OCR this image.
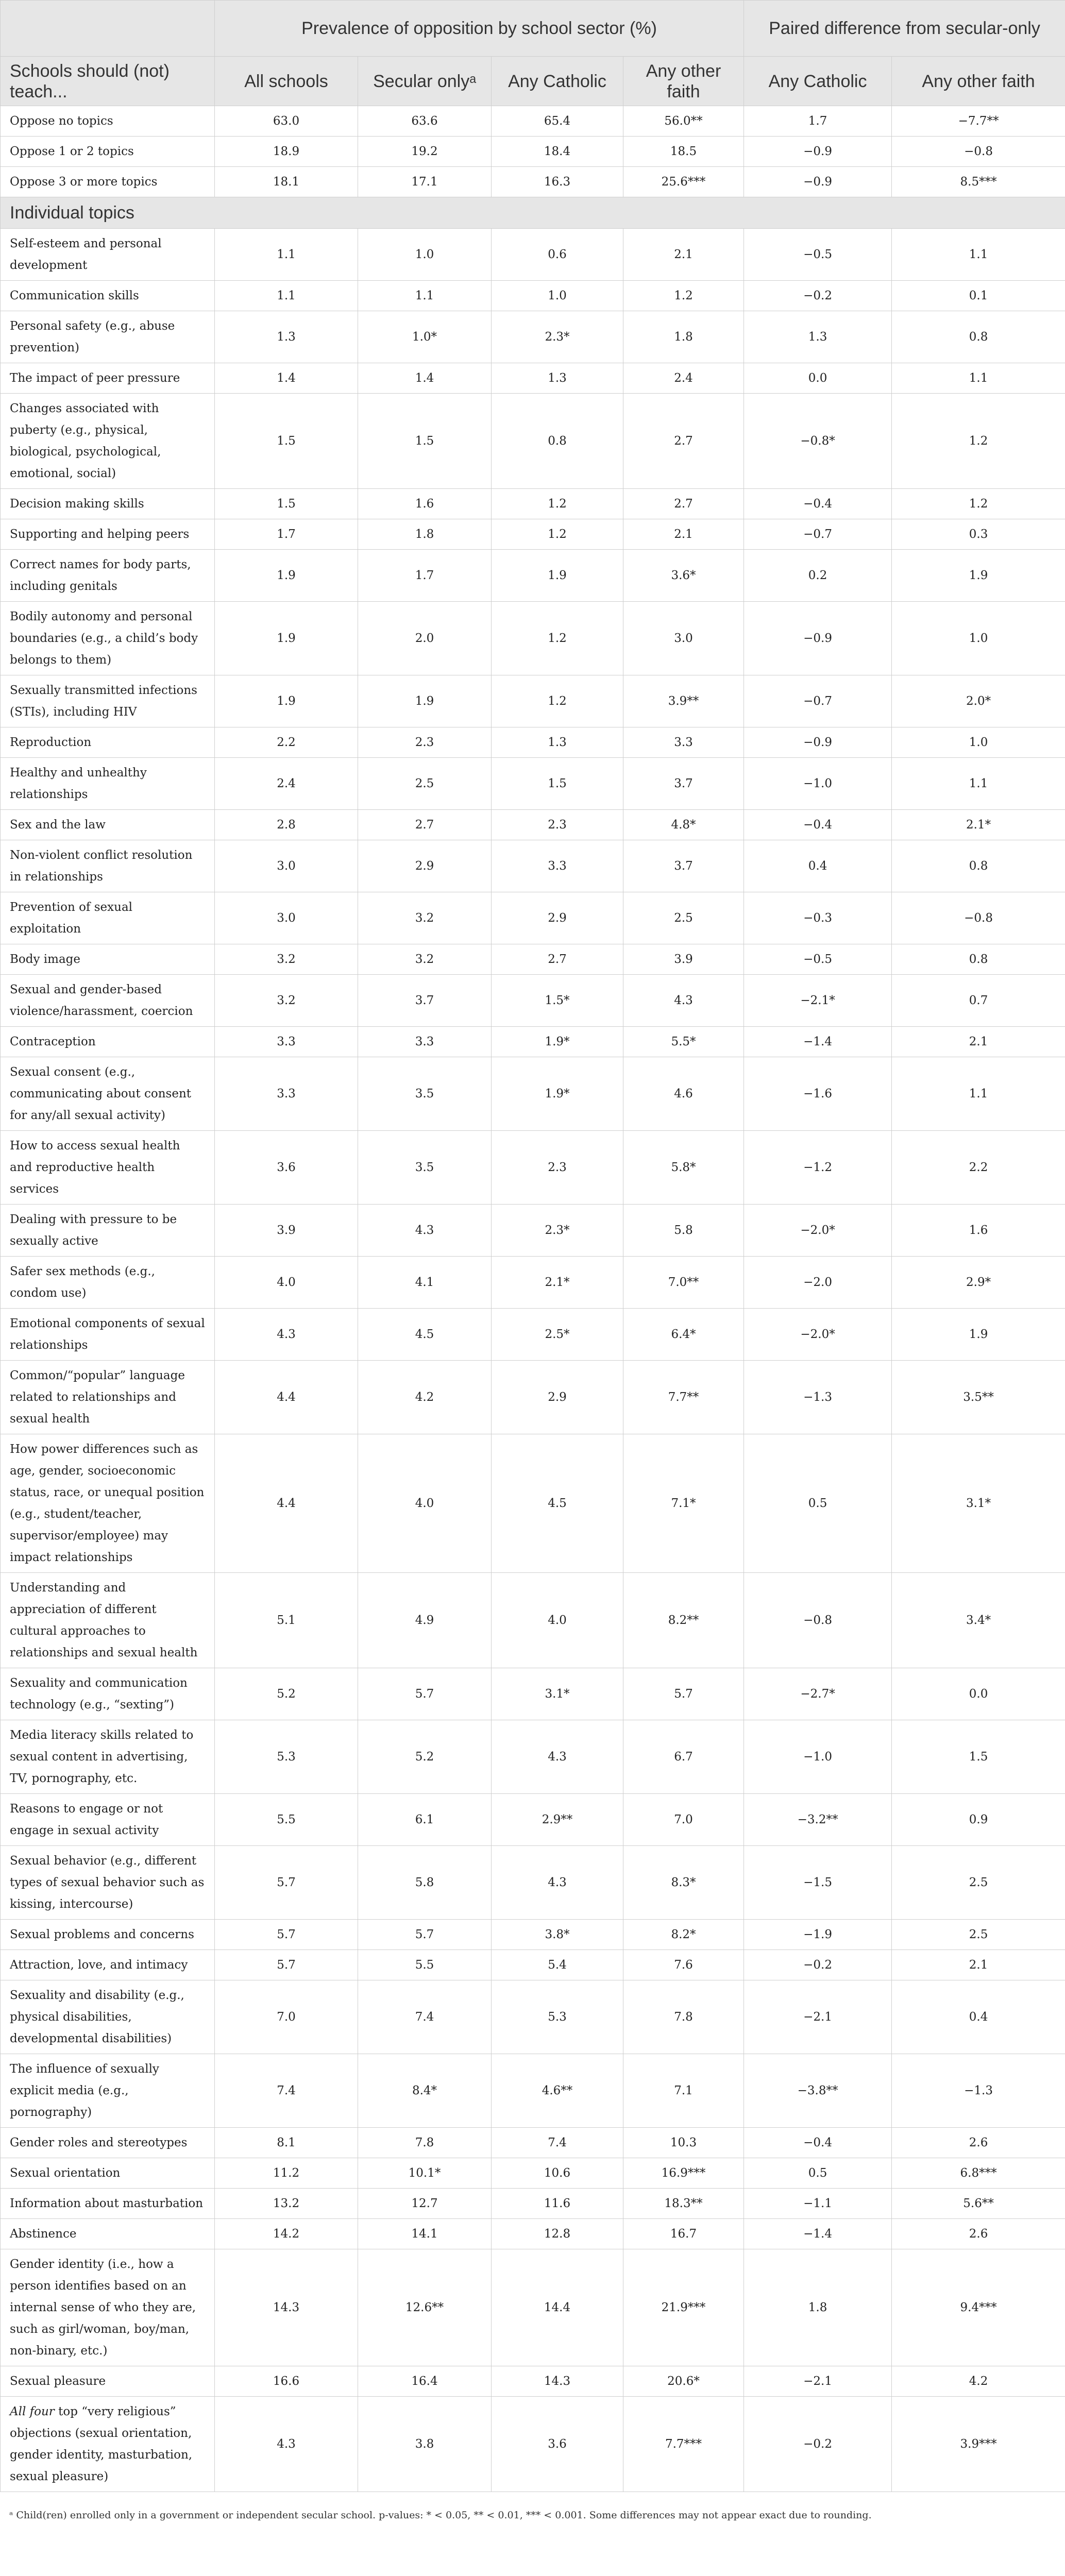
	Prevalence of opposition by school sector (%)				Paired difference from secular-only	
Schools should (not) teach...	All schools	Secular onlyᵃ	Any Catholic	Any other faith	Any Catholic	Any other faith
Oppose no topics	63.0	63.6	65.4	56.0**	1.7	−7.7**
Oppose 1 or 2 topics	18.9	19.2	18.4	18.5	−0.9	−0.8
Oppose 3 or more topics	18.1	17.1	16.3	25.6***	−0.9	8.5***
Individual topics						
Self-esteem and personal development	1.1	1.0	0.6	2.1	−0.5	1.1
Communication skills	1.1	1.1	1.0	1.2	−0.2	0.1
Personal safety (e.g., abuse prevention)	1.3	1.0*	2.3*	1.8	1.3	0.8
The impact of peer pressure	1.4	1.4	1.3	2.4	0.0	1.1
Changes associated with puberty (e.g., physical, biological, psychological, emotional, social)	1.5	1.5	0.8	2.7	−0.8*	1.2
Decision making skills	1.5	1.6	1.2	2.7	−0.4	1.2
Supporting and helping peers	1.7	1.8	1.2	2.1	−0.7	0.3
Correct names for body parts, including genitals	1.9	1.7	1.9	3.6*	0.2	1.9
Bodily autonomy and personal boundaries (e.g., a child’s body belongs to them)	1.9	2.0	1.2	3.0	−0.9	1.0
Sexually transmitted infections (STIs), including HIV	1.9	1.9	1.2	3.9**	−0.7	2.0*
Reproduction	2.2	2.3	1.3	3.3	−0.9	1.0
Healthy and unhealthy relationships	2.4	2.5	1.5	3.7	−1.0	1.1
Sex and the law	2.8	2.7	2.3	4.8*	−0.4	2.1*
Non-violent conflict resolution in relationships	3.0	2.9	3.3	3.7	0.4	0.8
Prevention of sexual exploitation	3.0	3.2	2.9	2.5	−0.3	−0.8
Body image	3.2	3.2	2.7	3.9	−0.5	0.8
Sexual and gender-based violence/harassment, coercion	3.2	3.7	1.5*	4.3	−2.1*	0.7
Contraception	3.3	3.3	1.9*	5.5*	−1.4	2.1
Sexual consent (e.g., communicating about consent for any/all sexual activity)	3.3	3.5	1.9*	4.6	−1.6	1.1
How to access sexual health and reproductive health services	3.6	3.5	2.3	5.8*	−1.2	2.2
Dealing with pressure to be sexually active	3.9	4.3	2.3*	5.8	−2.0*	1.6
Safer sex methods (e.g., condom use)	4.0	4.1	2.1*	7.0**	−2.0	2.9*
Emotional components of sexual relationships	4.3	4.5	2.5*	6.4*	−2.0*	1.9
Common/“popular” language related to relationships and sexual health	4.4	4.2	2.9	7.7**	−1.3	3.5**
How power differences such as age, gender, socioeconomic status, race, or unequal position (e.g., student/teacher, supervisor/employee) may impact relationships	4.4	4.0	4.5	7.1*	0.5	3.1*
Understanding and appreciation of different cultural approaches to relationships and sexual health	5.1	4.9	4.0	8.2**	−0.8	3.4*
Sexuality and communication technology (e.g., “sexting”)	5.2	5.7	3.1*	5.7	−2.7*	0.0
Media literacy skills related to sexual content in advertising, TV, pornography, etc.	5.3	5.2	4.3	6.7	−1.0	1.5
Reasons to engage or not engage in sexual activity	5.5	6.1	2.9**	7.0	−3.2**	0.9
Sexual behavior (e.g., different types of sexual behavior such as kissing, intercourse)	5.7	5.8	4.3	8.3*	−1.5	2.5
Sexual problems and concerns	5.7	5.7	3.8*	8.2*	−1.9	2.5
Attraction, love, and intimacy	5.7	5.5	5.4	7.6	−0.2	2.1
Sexuality and disability (e.g., physical disabilities, developmental disabilities)	7.0	7.4	5.3	7.8	−2.1	0.4
The influence of sexually explicit media (e.g., pornography)	7.4	8.4*	4.6**	7.1	−3.8**	−1.3
Gender roles and stereotypes	8.1	7.8	7.4	10.3	−0.4	2.6
Sexual orientation	11.2	10.1*	10.6	16.9***	0.5	6.8***
Information about masturbation	13.2	12.7	11.6	18.3**	−1.1	5.6**
Abstinence	14.2	14.1	12.8	16.7	−1.4	2.6
Gender identity (i.e., how a person identifies based on an internal sense of who they are, such as girl/woman, boy/man, non-binary, etc.)	14.3	12.6**	14.4	21.9***	1.8	9.4***
Sexual pleasure	16.6	16.4	14.3	20.6*	−2.1	4.2
All four top “very religious” objections (sexual orientation, gender identity, masturbation, sexual pleasure)	4.3	3.8	3.6	7.7***	−0.2	3.9***
ᵃ Child(ren) enrolled only in a government or independent secular school. p-values: * < 0.05, ** < 0.01, *** < 0.001. Some differences may not appear exact due to rounding.
